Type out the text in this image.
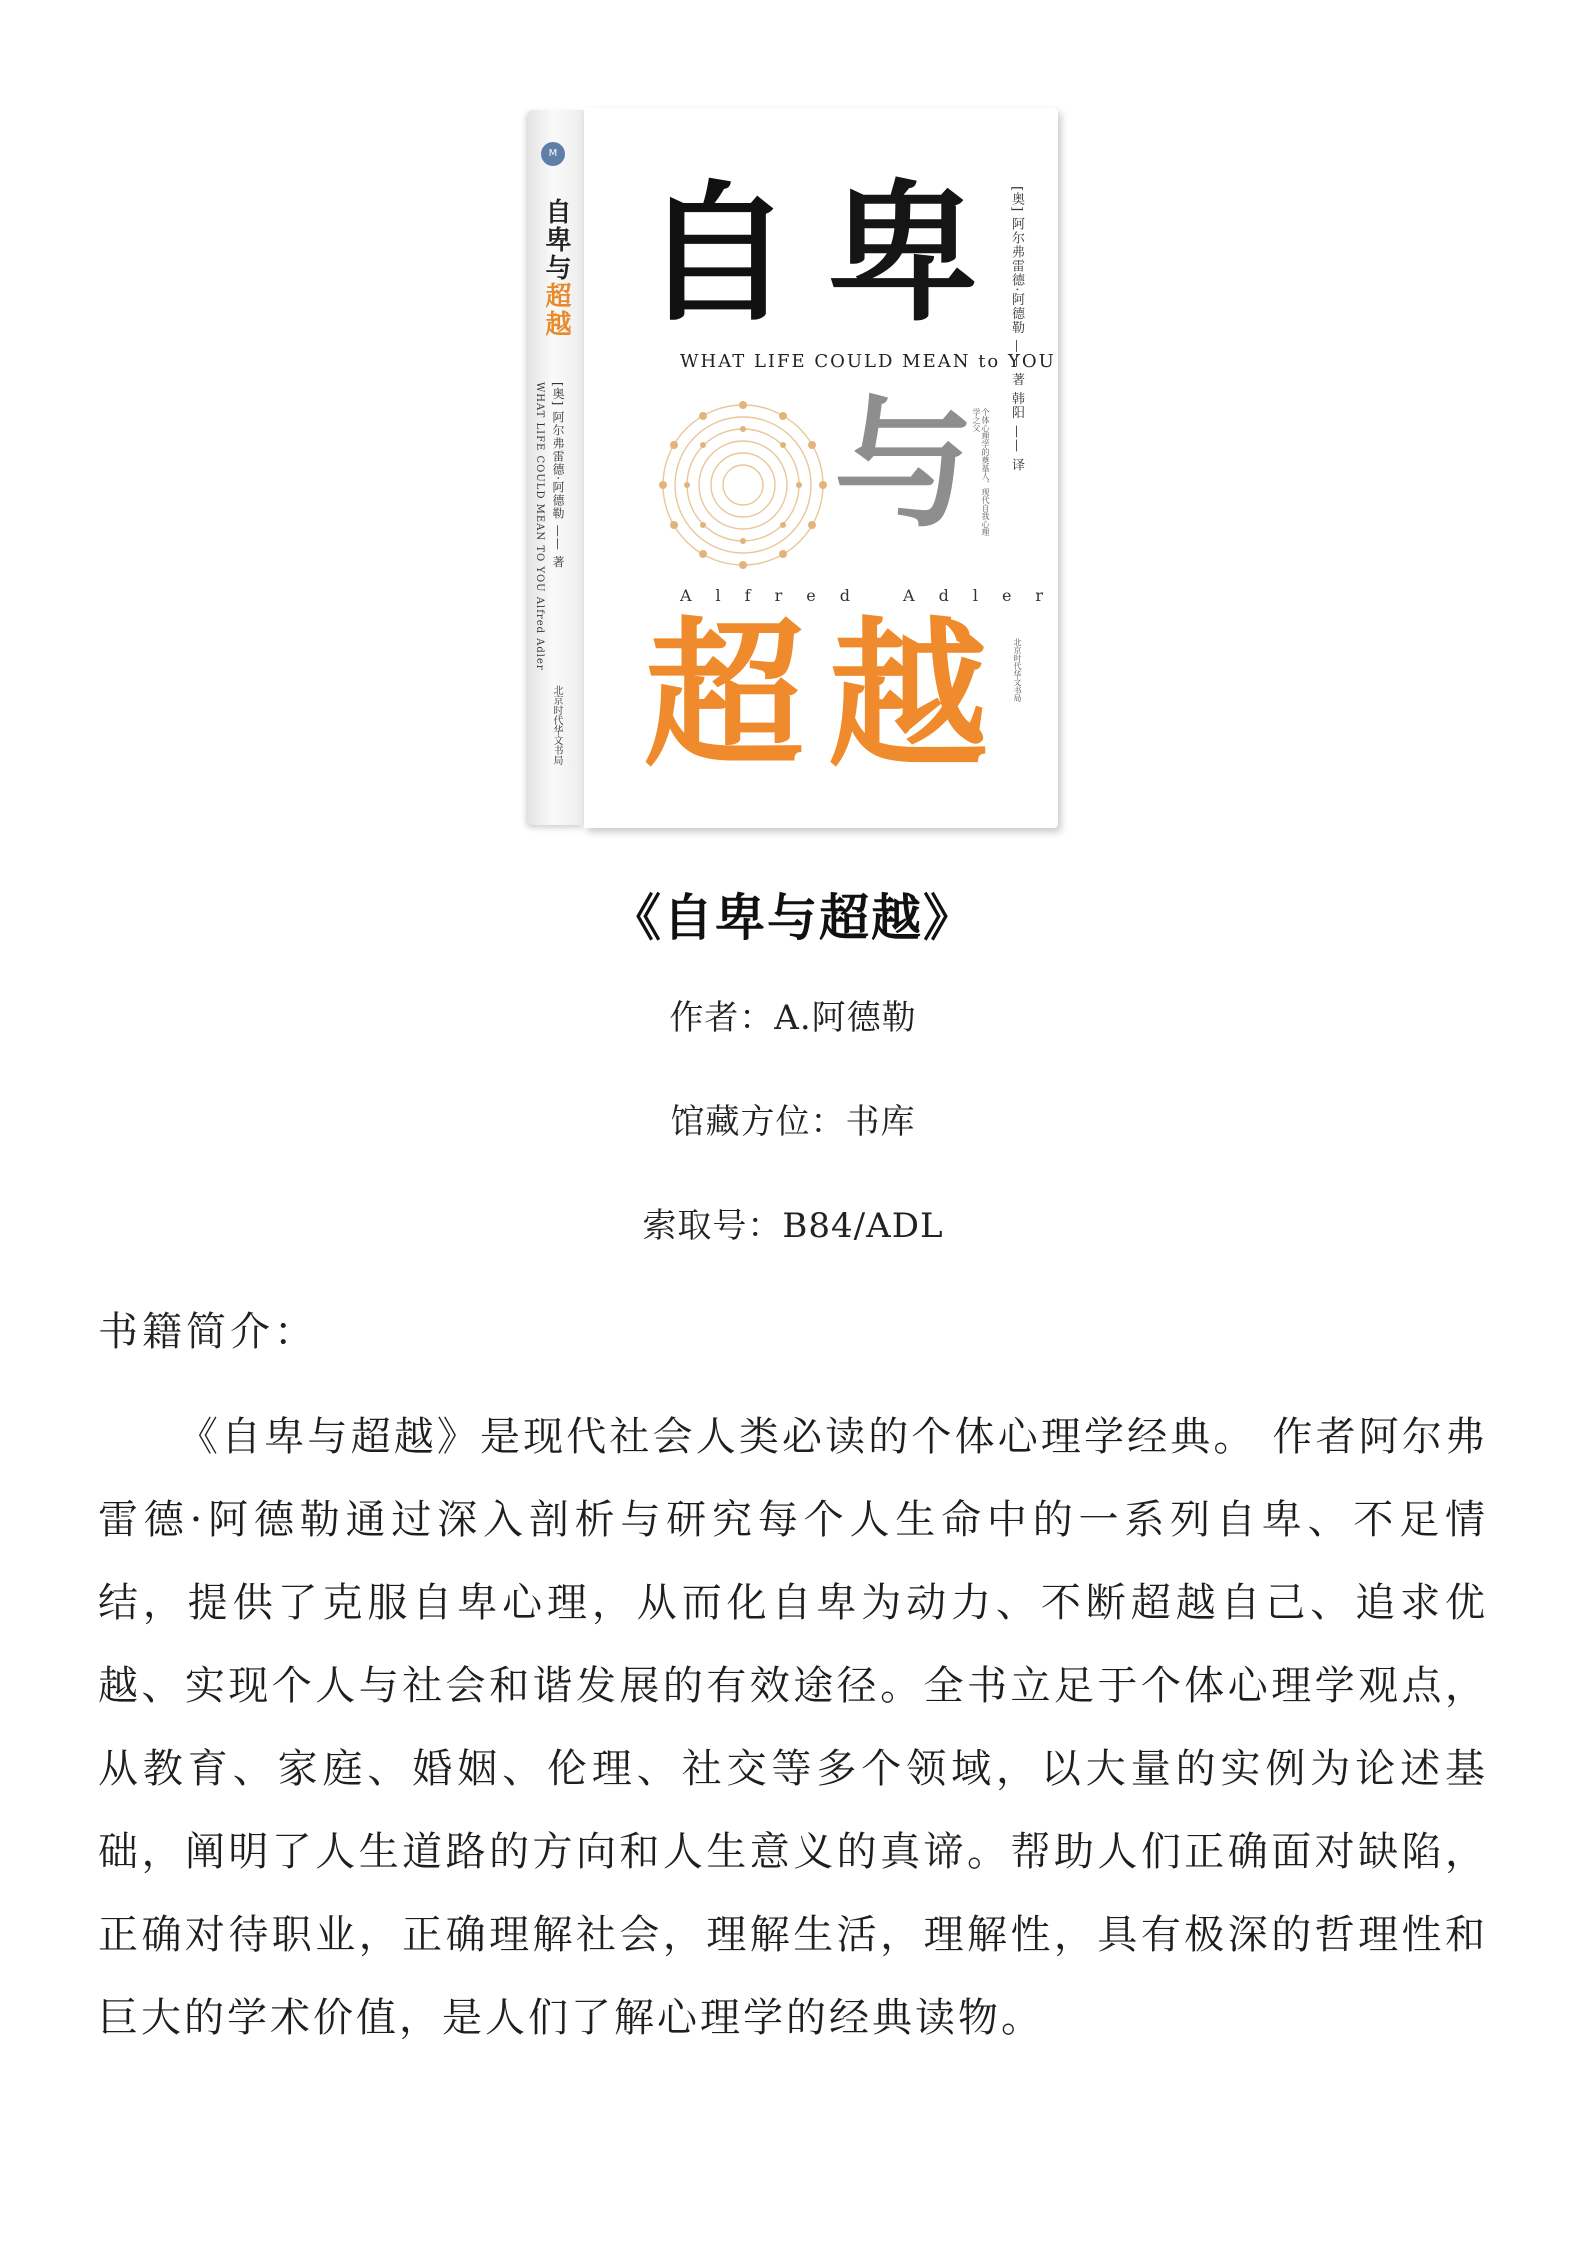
M
自卑与超越
WHAT LIFE COULD MEAN TO YOU Alfred Adler [奥] 阿尔弗雷德·阿德勒 —— 著
北京时代华文书局
自 卑
WHAT LIFE COULD MEAN to YOU
与
Alfred Adler
超 越
[奥] 阿尔弗雷德·阿德勒 —— 著 韩阳 —— 译
个体心理学的奠基人，现代自我心理学之父
北京时代华文书局
《自卑与超越》
作者：A.阿德勒
馆藏方位：书库
索取号：B84/ADL
书籍简介：

《自卑与超越》是现代社会人类必读的个体心理学经典。 作者阿尔弗雷德·阿德勒通过深入剖析与研究每个人生命中的一系列自卑、不足情结，提供了克服自卑心理，从而化自卑为动力、不断超越自己、追求优越、实现个人与社会和谐发展的有效途径。全书立足于个体心理学观点，从教育、家庭、婚姻、伦理、社交等多个领域，以大量的实例为论述基础，阐明了人生道路的方向和人生意义的真谛。帮助人们正确面对缺陷，正确对待职业，正确理解社会，理解生活，理解性，具有极深的哲理性和巨大的学术价值，是人们了解心理学的经典读物。
